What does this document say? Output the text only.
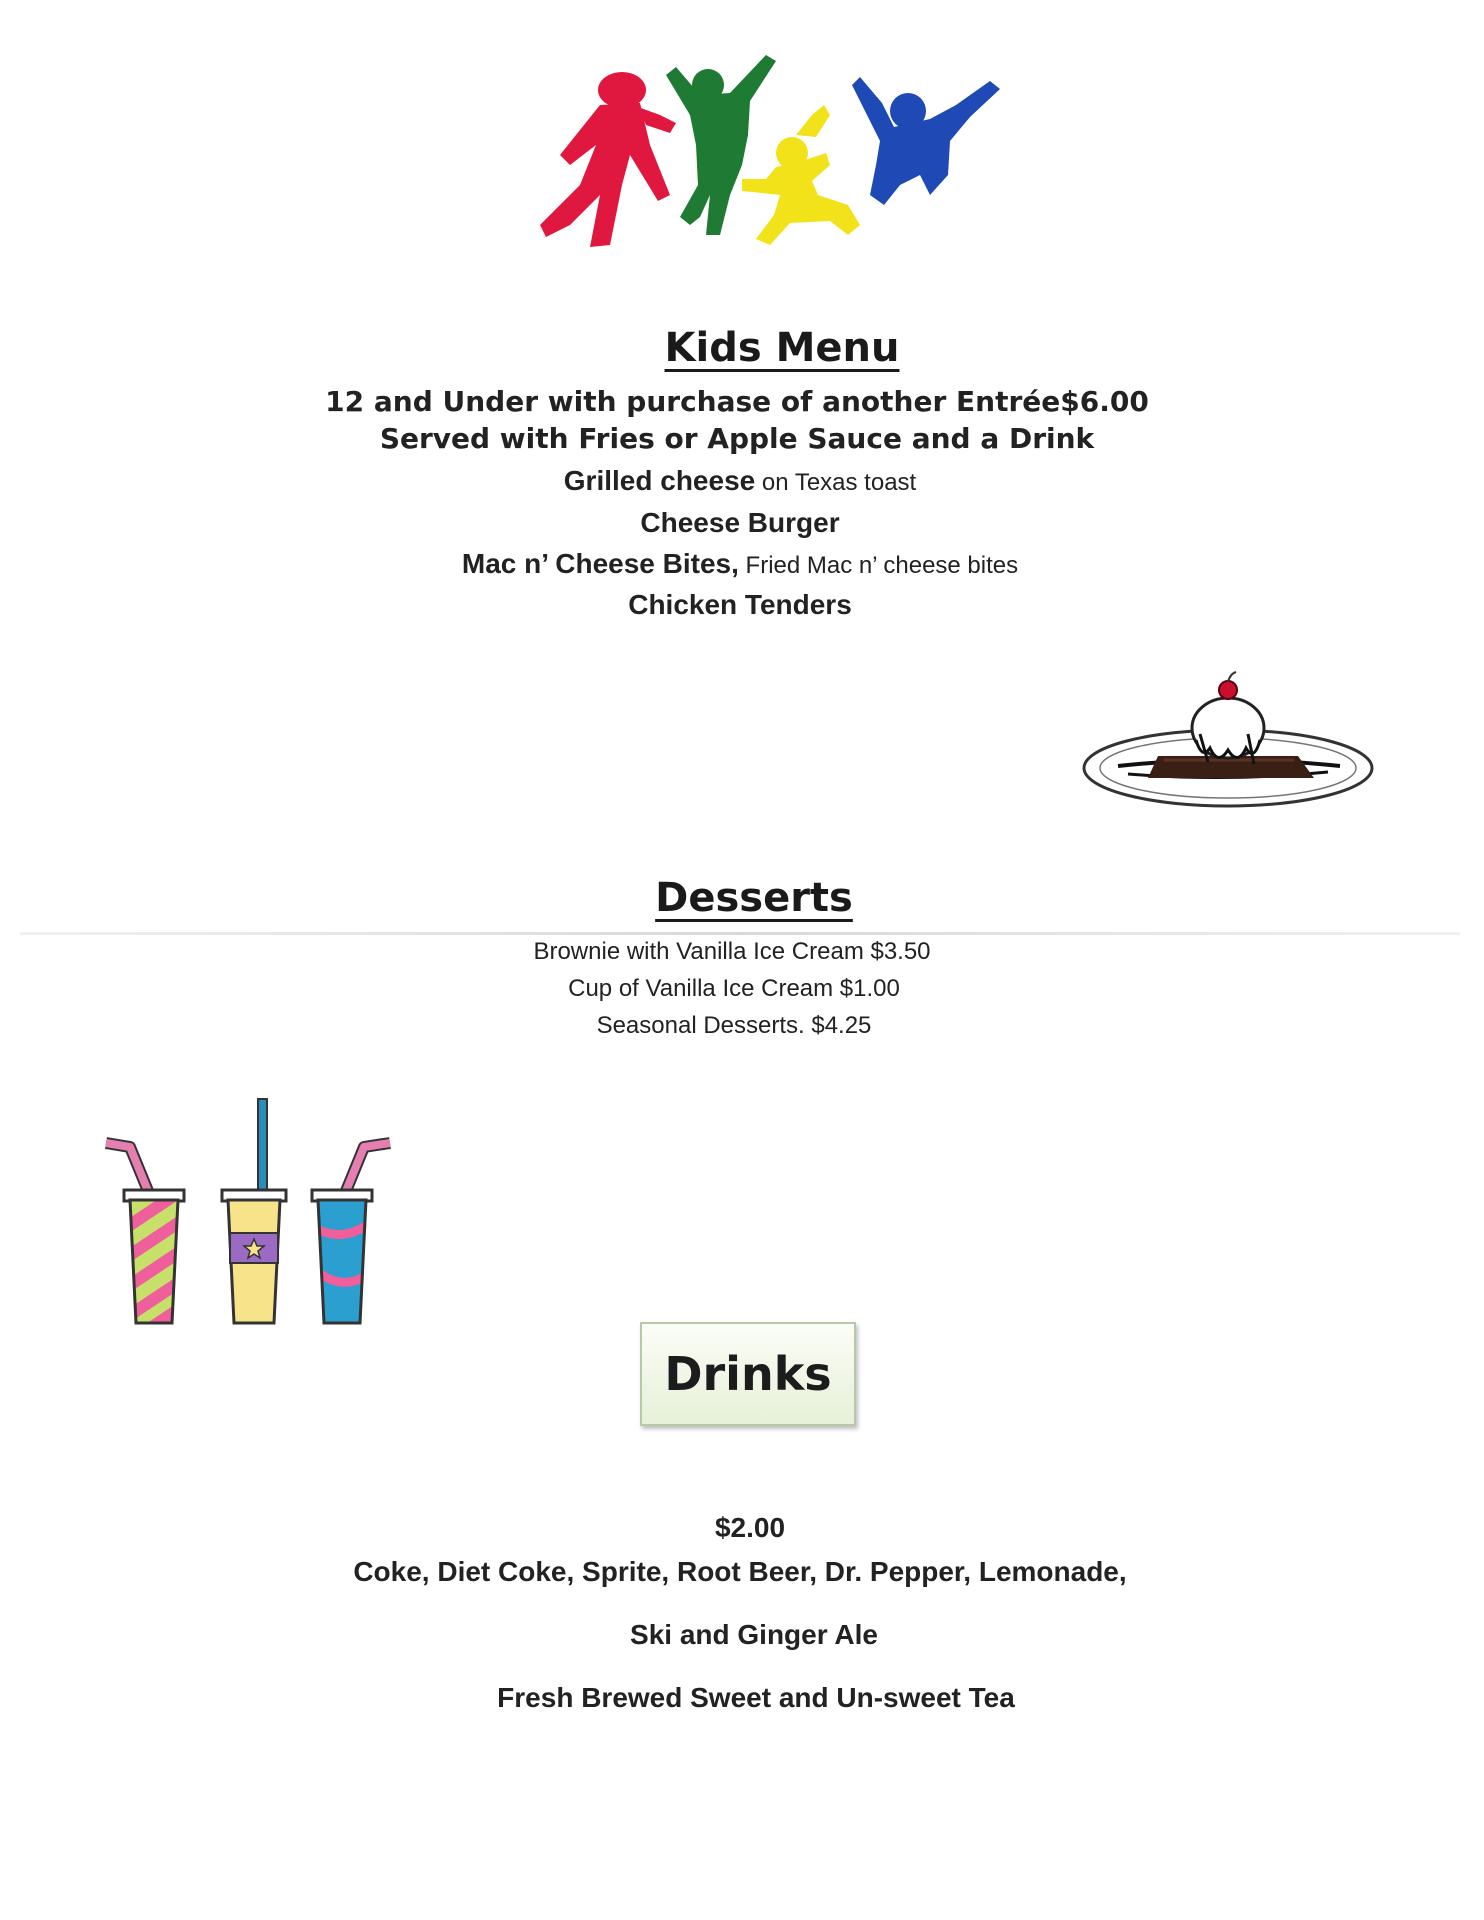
Kids Menu
12 and Under with purchase of another Entrée$6.00
Served with Fries or Apple Sauce and a Drink
Grilled cheese on Texas toast
Cheese Burger
Mac n’ Cheese Bites, Fried Mac n’ cheese bites
Chicken Tenders
Desserts
Brownie with Vanilla Ice Cream $3.50
Cup of Vanilla Ice Cream $1.00
Seasonal Desserts. $4.25
Drinks
$2.00
Coke, Diet Coke, Sprite, Root Beer, Dr. Pepper, Lemonade,
Ski and Ginger Ale
Fresh Brewed Sweet and Un-sweet Tea
